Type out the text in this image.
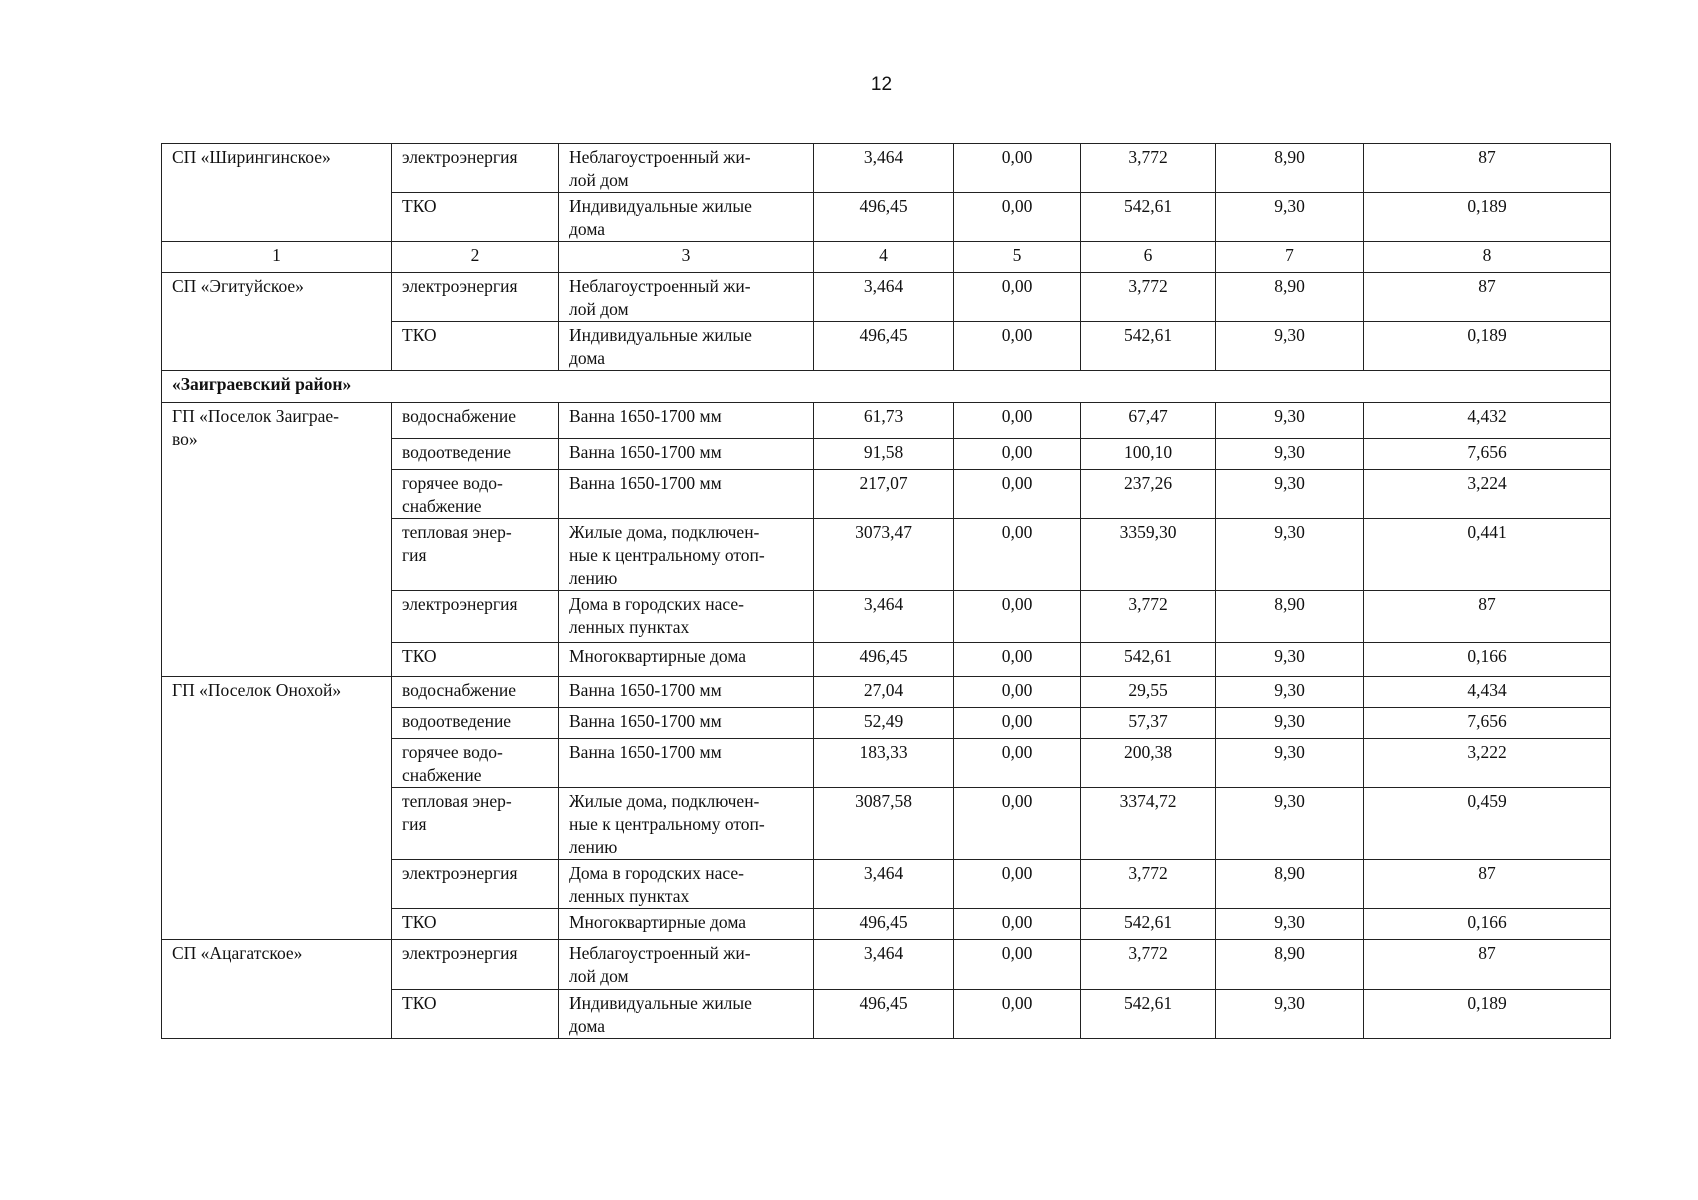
12
СП «Ширингинское»	электроэнергия	Неблагоустроенный жи-
лой дом	3,464	0,00	3,772	8,90	87
	ТКО	Индивидуальные жилые
дома	496,45	0,00	542,61	9,30	0,189
1	2	3	4	5	6	7	8
СП «Эгитуйское»	электроэнергия	Неблагоустроенный жи-
лой дом	3,464	0,00	3,772	8,90	87
	ТКО	Индивидуальные жилые
дома	496,45	0,00	542,61	9,30	0,189
«Заиграевский район»							
ГП «Поселок Заиграе-
во»	водоснабжение	Ванна 1650-1700 мм	61,73	0,00	67,47	9,30	4,432
	водоотведение	Ванна 1650-1700 мм	91,58	0,00	100,10	9,30	7,656
	горячее водо-
снабжение	Ванна 1650-1700 мм	217,07	0,00	237,26	9,30	3,224
	тепловая энер-
гия	Жилые дома, подключен-
ные к центральному отоп-
лению	3073,47	0,00	3359,30	9,30	0,441
	электроэнергия	Дома в городских насе-
ленных пунктах	3,464	0,00	3,772	8,90	87
	ТКО	Многоквартирные дома	496,45	0,00	542,61	9,30	0,166
ГП «Поселок Онохой»	водоснабжение	Ванна 1650-1700 мм	27,04	0,00	29,55	9,30	4,434
	водоотведение	Ванна 1650-1700 мм	52,49	0,00	57,37	9,30	7,656
	горячее водо-
снабжение	Ванна 1650-1700 мм	183,33	0,00	200,38	9,30	3,222
	тепловая энер-
гия	Жилые дома, подключен-
ные к центральному отоп-
лению	3087,58	0,00	3374,72	9,30	0,459
	электроэнергия	Дома в городских насе-
ленных пунктах	3,464	0,00	3,772	8,90	87
	ТКО	Многоквартирные дома	496,45	0,00	542,61	9,30	0,166
СП «Ацагатское»	электроэнергия	Неблагоустроенный жи-
лой дом	3,464	0,00	3,772	8,90	87
	ТКО	Индивидуальные жилые
дома	496,45	0,00	542,61	9,30	0,189
